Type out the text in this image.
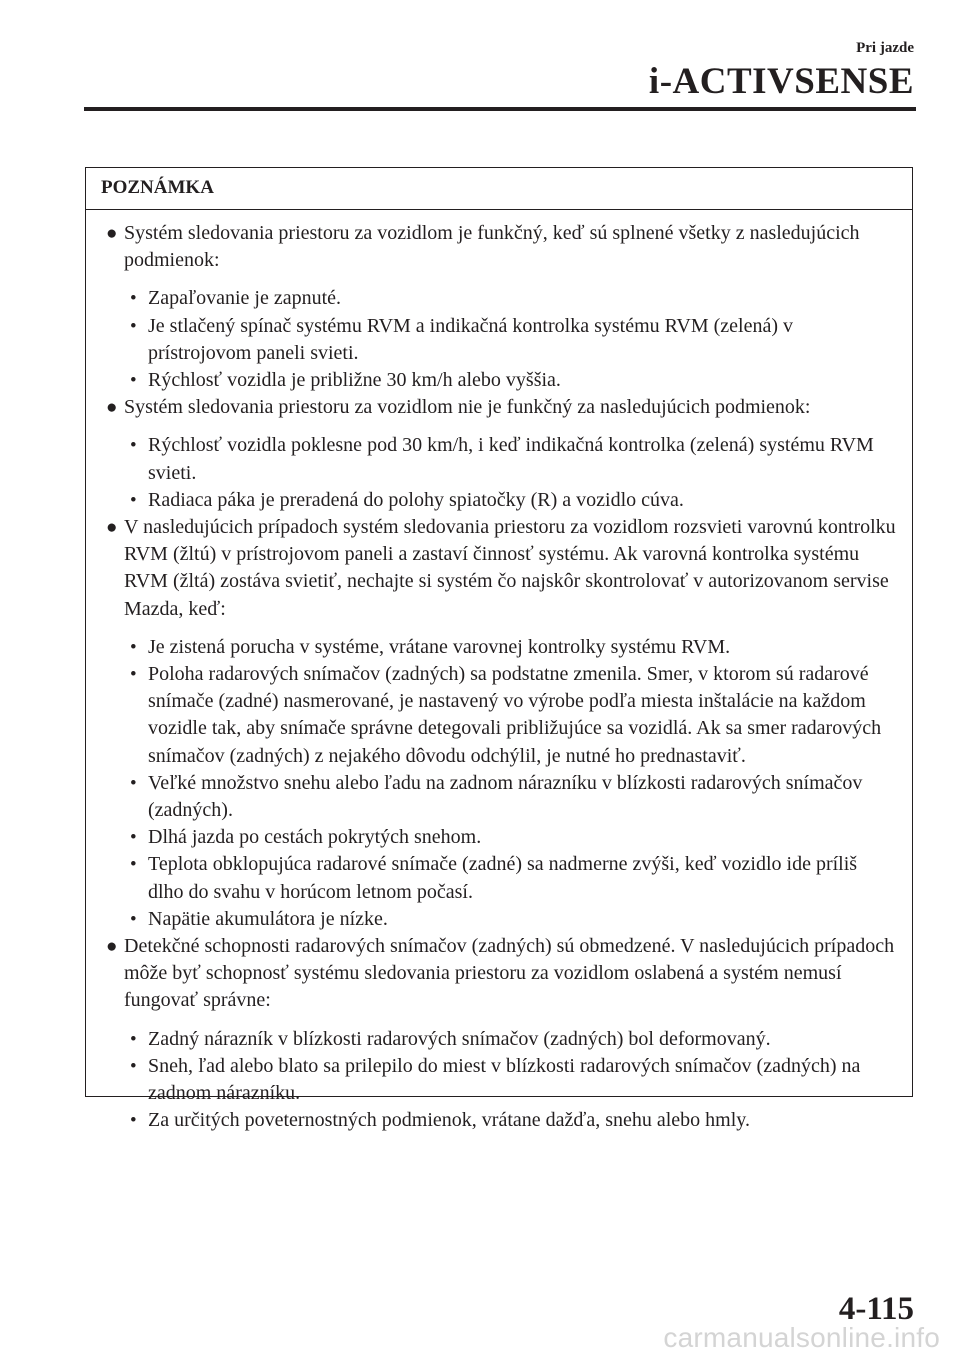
Pri jazde
i-ACTIVSENSE
POZNÁMKA
● Systém sledovania priestoru za vozidlom je funkčný, keď sú splnené všetky z nasledujúcich podmienok:
• Zapaľovanie je zapnuté.
• Je stlačený spínač systému RVM a indikačná kontrolka systému RVM (zelená) v prístrojovom paneli svieti.
• Rýchlosť vozidla je približne 30 km/h alebo vyššia.
● Systém sledovania priestoru za vozidlom nie je funkčný za nasledujúcich podmienok:
• Rýchlosť vozidla poklesne pod 30 km/h, i keď indikačná kontrolka (zelená) systému RVM svieti.
• Radiaca páka je preradená do polohy spiatočky (R) a vozidlo cúva.
● V nasledujúcich prípadoch systém sledovania priestoru za vozidlom rozsvieti varovnú kontrolku RVM (žltú) v prístrojovom paneli a zastaví činnosť systému. Ak varovná kontrolka systému RVM (žltá) zostáva svietiť, nechajte si systém čo najskôr skontrolovať v autorizovanom servise Mazda, keď:
• Je zistená porucha v systéme, vrátane varovnej kontrolky systému RVM.
• Poloha radarových snímačov (zadných) sa podstatne zmenila. Smer, v ktorom sú radarové snímače (zadné) nasmerované, je nastavený vo výrobe podľa miesta inštalácie na každom vozidle tak, aby snímače správne detegovali približujúce sa vozidlá. Ak sa smer radarových snímačov (zadných) z nejakého dôvodu odchýlil, je nutné ho prednastaviť.
• Veľké množstvo snehu alebo ľadu na zadnom nárazníku v blízkosti radarových snímačov (zadných).
• Dlhá jazda po cestách pokrytých snehom.
• Teplota obklopujúca radarové snímače (zadné) sa nadmerne zvýši, keď vozidlo ide príliš dlho do svahu v horúcom letnom počasí.
• Napätie akumulátora je nízke.
● Detekčné schopnosti radarových snímačov (zadných) sú obmedzené. V nasledujúcich prípadoch môže byť schopnosť systému sledovania priestoru za vozidlom oslabená a systém nemusí fungovať správne:
• Zadný nárazník v blízkosti radarových snímačov (zadných) bol deformovaný.
• Sneh, ľad alebo blato sa prilepilo do miest v blízkosti radarových snímačov (zadných) na zadnom nárazníku.
• Za určitých poveternostných podmienok, vrátane dažďa, snehu alebo hmly.
4-115
carmanualsonline.info
